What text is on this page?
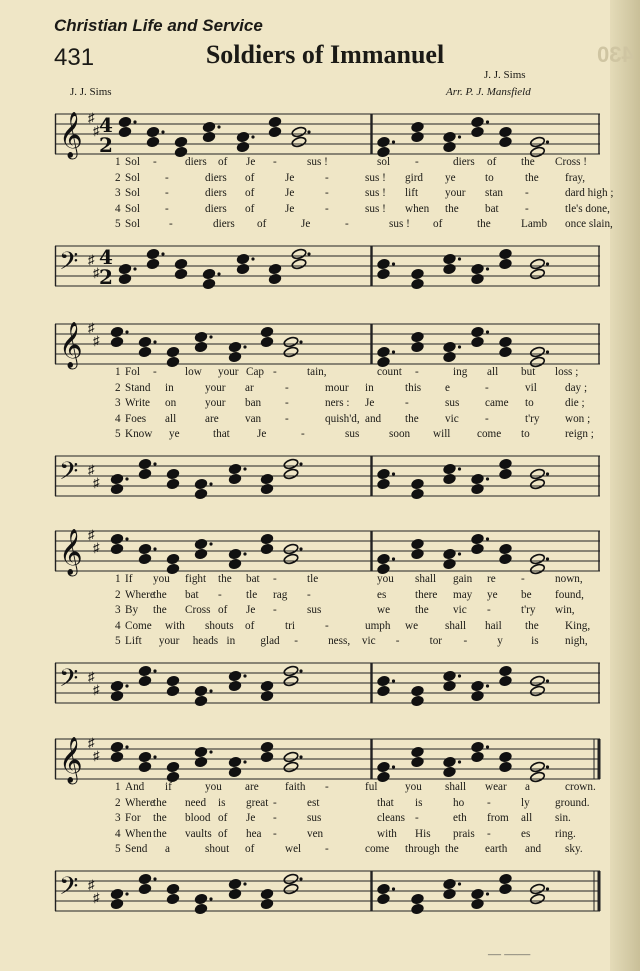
430
Christian Life and Service
431	Soldiers of Immanuel
J. J. Sims
J. J. Sims	Arr. P. J. Mansfield
𝄞 ♯
♯ 4
2
1 Sol -	diers of Je -	sus !	sol -	diers of the Cross !
2 Sol -	diers of	Je	-	sus ! gird ye	to	the fray,
3 Sol -	diers of	Je	-	sus ! lift your stan -	dard high ;
4 Sol -	diers of	Je	-	sus ! when the bat -	tle's done,
5 Sol	-	diers of	Je	-	sus ! of	the	Lamb once slain,
𝄢 ♯
♯
4
2
𝄞 ♯
♯
1 Fol -	low your Cap -	tain,	count -	ing all but loss ;
2 Stand in	your ar	-	mour in	this e	-	vil	day ;
3 Write on	your ban -	ners : Je	-	sus came to	die ;
4 Foes all	are van -	quish'd, and the vic -	t'ry won ;
5 Know ye	that Je	-	sus	soon will come to	reign ;
𝄢 ♯
♯
𝄞 ♯
♯
1 If you fight the bat -	tle	you shall gain re -	nown,
2 Where
the bat - tle rag -	es	there may ye be found,
3 By the Cross of Je -	sus	we the vic -	t'ry win,
4 Come with shouts of	tri	-	umph we shall hail the King,
5 Lift your heads in glad -	ness, vic -	tor -	y	is nigh,
𝄢 ♯
♯
𝄞 ♯
♯
1 And if	you are faith -	ful you shall wear a	crown.
2 Where
the need is great -	est	that is	ho -	ly ground.
3 For the blood of Je -	sus	cleans -	eth from all sin.
4 When the vaults of hea -	ven	with His prais -	es ring.
5 Send a	shout of	wel -	come through the earth and sky.
𝄢 ♯
♯
— ——
